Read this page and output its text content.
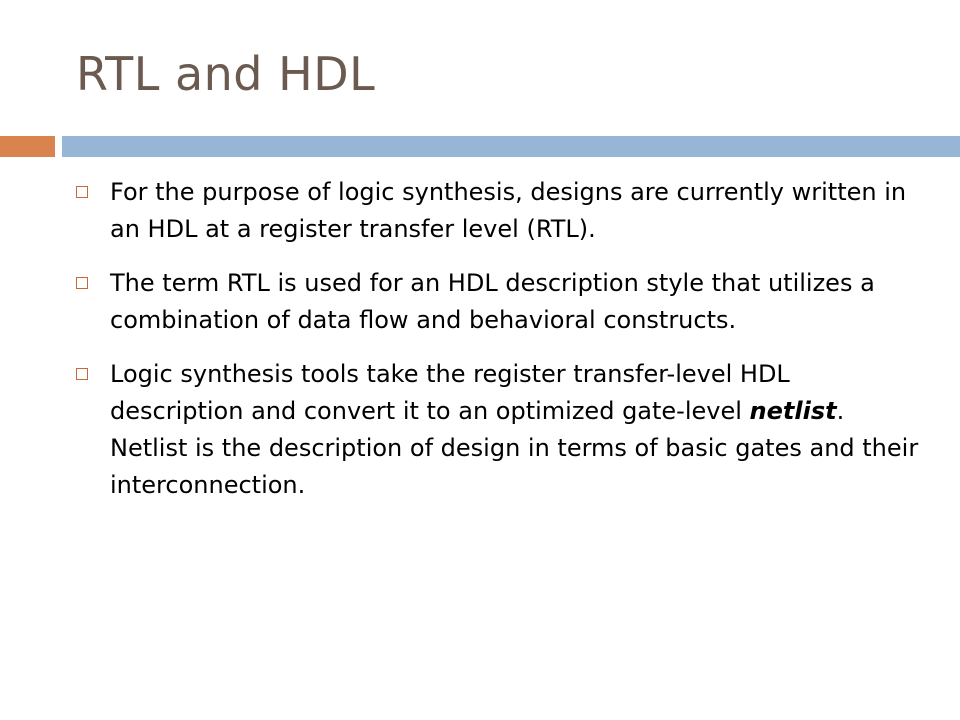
RTL and HDL
For the purpose of logic synthesis, designs are currently written in an HDL at a register transfer level (RTL).
The term RTL is used for an HDL description style that utilizes a combination of data flow and behavioral constructs.
Logic synthesis tools take the register transfer-level HDL description and convert it to an optimized gate-level netlist. Netlist is the description of design in terms of basic gates and their interconnection.
